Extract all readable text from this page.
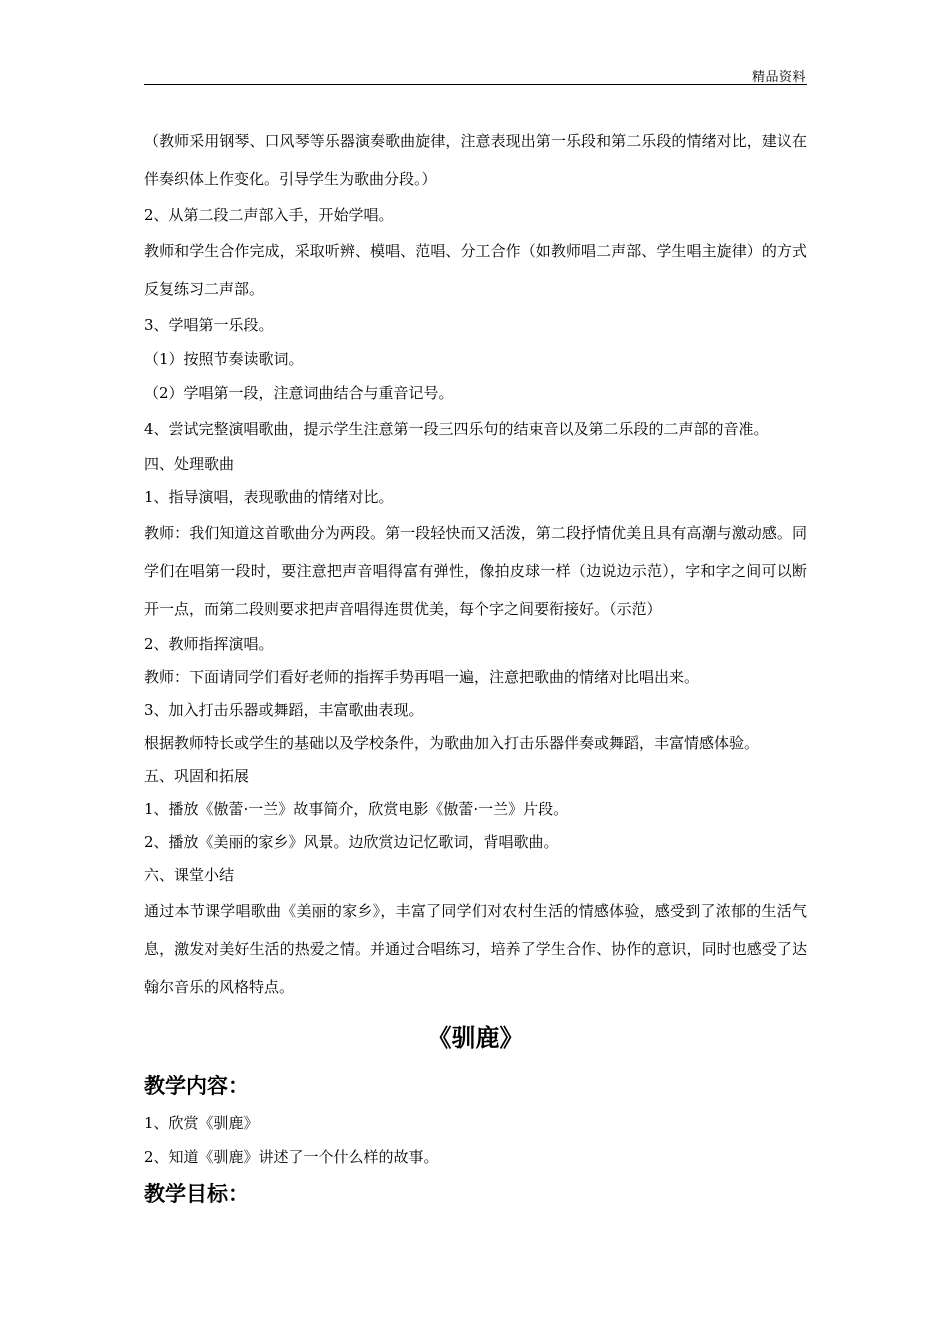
精品资料

（教师采用钢琴、口风琴等乐器演奏歌曲旋律，注意表现出第一乐段和第二乐段的情绪对比，建议在伴奏织体上作变化。引导学生为歌曲分段。）

2、从第二段二声部入手，开始学唱。

教师和学生合作完成，采取听辨、模唱、范唱、分工合作（如教师唱二声部、学生唱主旋律）的方式反复练习二声部。

3、学唱第一乐段。

（1）按照节奏读歌词。

（2）学唱第一段，注意词曲结合与重音记号。

4、尝试完整演唱歌曲，提示学生注意第一段三四乐句的结束音以及第二乐段的二声部的音准。

四、处理歌曲

1、指导演唱，表现歌曲的情绪对比。

教师：我们知道这首歌曲分为两段。第一段轻快而又活泼，第二段抒情优美且具有高潮与激动感。同学们在唱第一段时，要注意把声音唱得富有弹性，像拍皮球一样（边说边示范），字和字之间可以断开一点，而第二段则要求把声音唱得连贯优美，每个字之间要衔接好。（示范）

2、教师指挥演唱。

教师：下面请同学们看好老师的指挥手势再唱一遍，注意把歌曲的情绪对比唱出来。

3、加入打击乐器或舞蹈，丰富歌曲表现。

根据教师特长或学生的基础以及学校条件，为歌曲加入打击乐器伴奏或舞蹈，丰富情感体验。

五、巩固和拓展

1、播放《傲蕾·一兰》故事简介，欣赏电影《傲蕾·一兰》片段。

2、播放《美丽的家乡》风景。边欣赏边记忆歌词，背唱歌曲。

六、课堂小结

通过本节课学唱歌曲《美丽的家乡》，丰富了同学们对农村生活的情感体验，感受到了浓郁的生活气息，激发对美好生活的热爱之情。并通过合唱练习，培养了学生合作、协作的意识，同时也感受了达翰尔音乐的风格特点。

《驯鹿》
教学内容：

1、欣赏《驯鹿》

2、知道《驯鹿》讲述了一个什么样的故事。

教学目标：
